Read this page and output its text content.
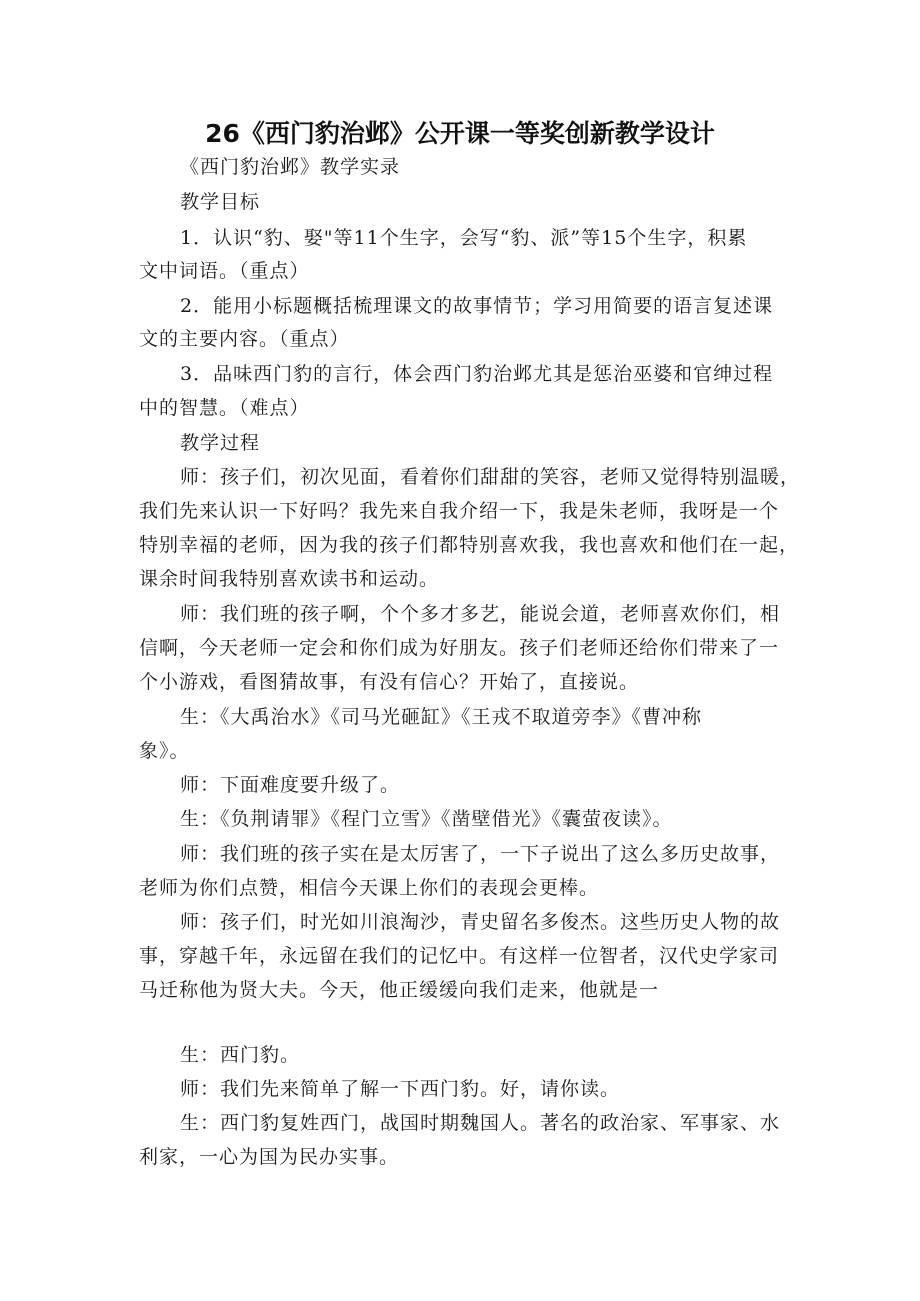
26《西门豹治邺》公开课一等奖创新教学设计
《西门豹治邺》教学实录
教学目标
1．认识“豹、娶"等11个生字，会写“豹、派”等15个生字，积累
文中词语。（重点）
2．能用小标题概括梳理课文的故事情节；学习用简要的语言复述课
文的主要内容。（重点）
3．品味西门豹的言行，体会西门豹治邺尤其是惩治巫婆和官绅过程
中的智慧。（难点）
教学过程
师：孩子们，初次见面，看着你们甜甜的笑容，老师又觉得特别温暖，
我们先来认识一下好吗？我先来自我介绍一下，我是朱老师，我呀是一个
特别幸福的老师，因为我的孩子们都特别喜欢我，我也喜欢和他们在一起，
课余时间我特别喜欢读书和运动。
师：我们班的孩子啊，个个多才多艺，能说会道，老师喜欢你们，相
信啊，今天老师一定会和你们成为好朋友。孩子们老师还给你们带来了一
个小游戏，看图猜故事，有没有信心？开始了，直接说。
生：《大禹治水》《司马光砸缸》《王戎不取道旁李》《曹冲称
象》。
师：下面难度要升级了。
生：《负荆请罪》《程门立雪》《凿壁借光》《囊萤夜读》。
师：我们班的孩子实在是太厉害了，一下子说出了这么多历史故事，
老师为你们点赞，相信今天课上你们的表现会更棒。
师：孩子们，时光如川浪淘沙，青史留名多俊杰。这些历史人物的故
事，穿越千年，永远留在我们的记忆中。有这样一位智者，汉代史学家司
马迁称他为贤大夫。今天，他正缓缓向我们走来，他就是一
生：西门豹。
师：我们先来简单了解一下西门豹。好，请你读。
生：西门豹复姓西门，战国时期魏国人。著名的政治家、军事家、水
利家，一心为国为民办实事。
